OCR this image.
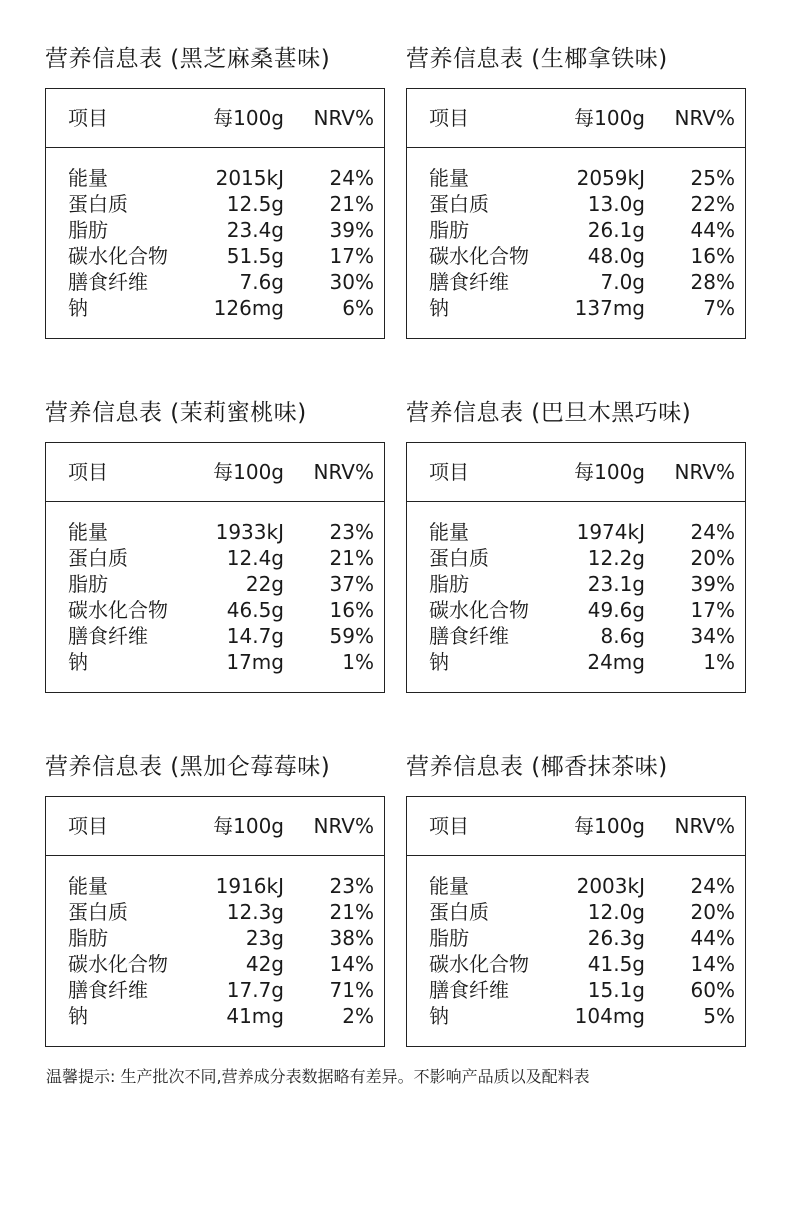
营养信息表 (黑芝麻桑葚味)
项目	每100g NRV%
能量	2015kJ 24%
蛋白质	12.5g 21%
脂肪	23.4g 39%
碳水化合物	51.5g 17%
膳食纤维	7.6g 30%
钠	126mg	6%
营养信息表 (生椰拿铁味)
项目	每100g NRV%
能量	2059kJ 25%
蛋白质	13.0g 22%
脂肪	26.1g 44%
碳水化合物	48.0g 16%
膳食纤维	7.0g 28%
钠	137mg	7%
营养信息表 (茉莉蜜桃味)
项目	每100g NRV%
能量	1933kJ 23%
蛋白质	12.4g 21%
脂肪	22g 37%
碳水化合物	46.5g 16%
膳食纤维	14.7g 59%
钠	17mg	1%
营养信息表 (巴旦木黑巧味)
项目	每100g NRV%
能量	1974kJ 24%
蛋白质	12.2g 20%
脂肪	23.1g 39%
碳水化合物	49.6g 17%
膳食纤维	8.6g 34%
钠	24mg	1%
营养信息表 (黑加仑莓莓味)
项目	每100g NRV%
能量	1916kJ 23%
蛋白质	12.3g 21%
脂肪	23g 38%
碳水化合物	42g 14%
膳食纤维	17.7g 71%
钠	41mg	2%
营养信息表 (椰香抹茶味)
项目	每100g NRV%
能量	2003kJ 24%
蛋白质	12.0g 20%
脂肪	26.3g 44%
碳水化合物	41.5g 14%
膳食纤维	15.1g 60%
钠	104mg	5%
温馨提示: 生产批次不同,营养成分表数据略有差异。不影响产品质以及配料表
